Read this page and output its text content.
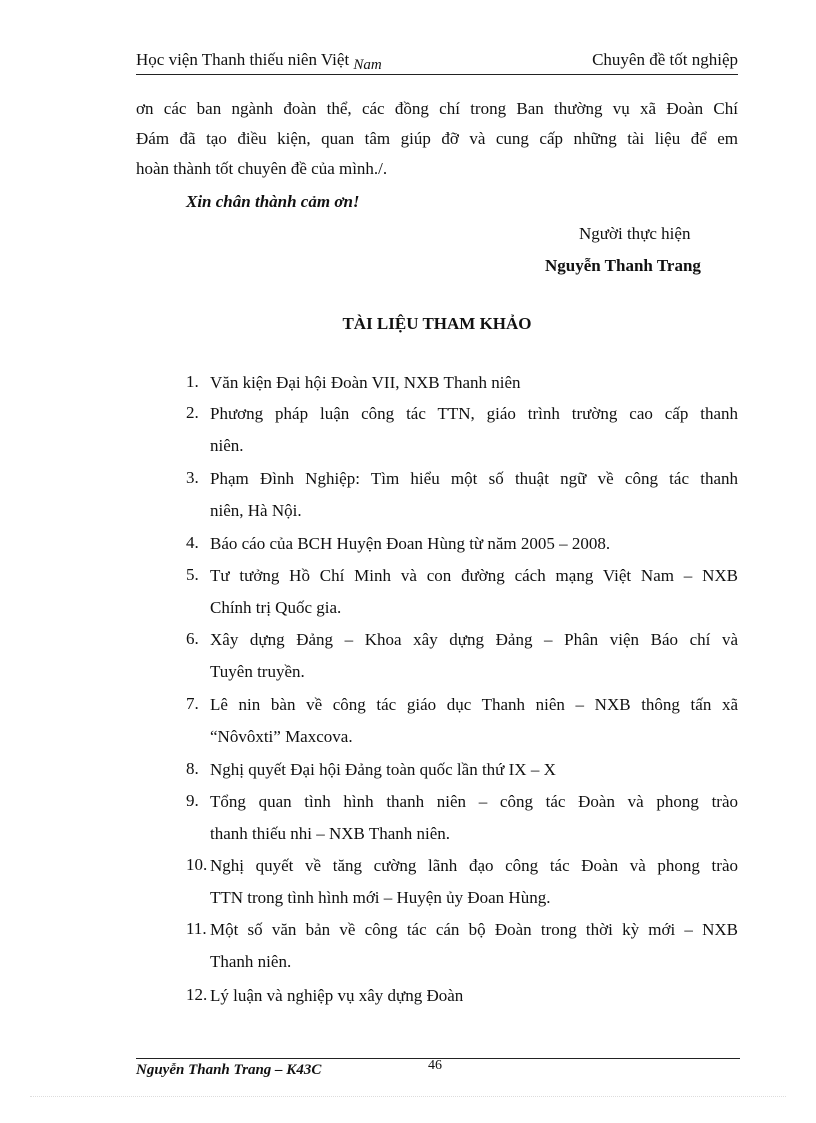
Học viện Thanh thiếu niên Việt Nam	Chuyên đề tốt nghiệp
ơn các ban ngành đoàn thể, các đồng chí trong Ban thường vụ xã Đoàn Chí
Đám đã tạo điều kiện, quan tâm giúp đỡ và cung cấp những tài liệu để em
hoàn thành tốt chuyên đề của mình./.
Xin chân thành cảm ơn!
Người thực hiện
Nguyễn Thanh Trang
TÀI LIỆU THAM KHẢO
1. Văn kiện Đại hội Đoàn VII, NXB Thanh niên
2. Phương pháp luận công tác TTN, giáo trình trường cao cấp thanh
niên.
3. Phạm Đình Nghiệp: Tìm hiểu một số thuật ngữ về công tác thanh
niên, Hà Nội.
4. Báo cáo của BCH Huyện Đoan Hùng từ năm 2005 – 2008.
5. Tư tưởng Hồ Chí Minh và con đường cách mạng Việt Nam – NXB
Chính trị Quốc gia.
6. Xây dựng Đảng – Khoa xây dựng Đảng – Phân viện Báo chí và
Tuyên truyền.
7. Lê nin bàn về công tác giáo dục Thanh niên – NXB thông tấn xã
“Nôvôxti” Maxcova.
8. Nghị quyết Đại hội Đảng toàn quốc lần thứ IX – X
9. Tổng quan tình hình thanh niên – công tác Đoàn và phong trào
thanh thiếu nhi – NXB Thanh niên.
10. Nghị quyết về tăng cường lãnh đạo công tác Đoàn và phong trào
TTN trong tình hình mới – Huyện ủy Đoan Hùng.
11. Một số văn bản về công tác cán bộ Đoàn trong thời kỳ mới – NXB
Thanh niên.
12. Lý luận và nghiệp vụ xây dựng Đoàn
Nguyễn Thanh Trang – K43C	46
